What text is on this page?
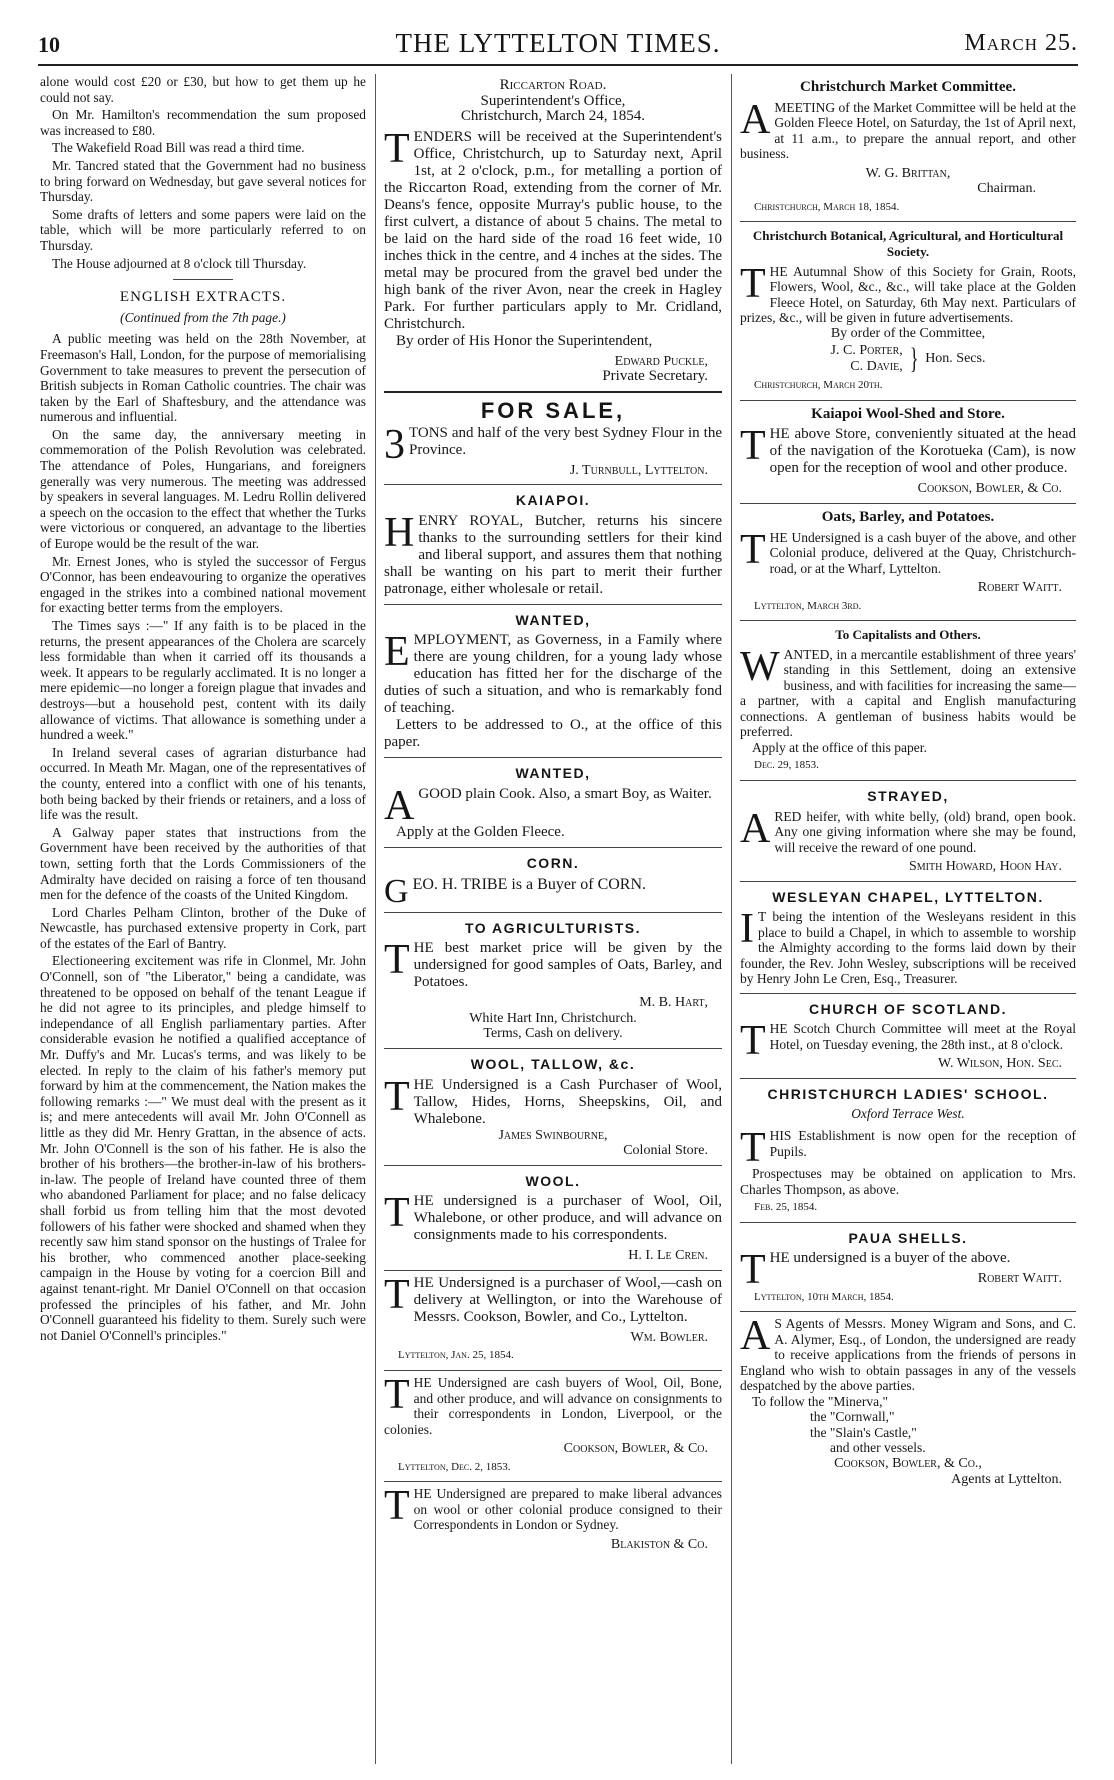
10	THE LYTTELTON TIMES.	March 25.

alone would cost £20 or £30, but how to get them up he could not say.

On Mr. Hamilton's recommendation the sum proposed was increased to £80.

The Wakefield Road Bill was read a third time.

Mr. Tancred stated that the Government had no business to bring forward on Wednesday, but gave several notices for Thursday.

Some drafts of letters and some papers were laid on the table, which will be more particularly referred to on Thursday.

The House adjourned at 8 o'clock till Thursday.

ENGLISH EXTRACTS.
(Continued from the 7th page.)

A public meeting was held on the 28th November, at Freemason's Hall, London, for the purpose of memorialising Government to take measures to prevent the persecution of British subjects in Roman Catholic countries. The chair was taken by the Earl of Shaftesbury, and the attendance was numerous and influential.

On the same day, the anniversary meeting in commemoration of the Polish Revolution was celebrated. The attendance of Poles, Hungarians, and foreigners generally was very numerous. The meeting was addressed by speakers in several languages. M. Ledru Rollin delivered a speech on the occasion to the effect that whether the Turks were victorious or conquered, an advantage to the liberties of Europe would be the result of the war.

Mr. Ernest Jones, who is styled the successor of Fergus O'Connor, has been endeavouring to organize the operatives engaged in the strikes into a combined national movement for exacting better terms from the employers.

The Times says :—" If any faith is to be placed in the returns, the present appearances of the Cholera are scarcely less formidable than when it carried off its thousands a week. It appears to be regularly acclimated. It is no longer a mere epidemic—no longer a foreign plague that invades and destroys—but a household pest, content with its daily allowance of victims. That allowance is something under a hundred a week."

In Ireland several cases of agrarian disturbance had occurred. In Meath Mr. Magan, one of the representatives of the county, entered into a conflict with one of his tenants, both being backed by their friends or retainers, and a loss of life was the result.

A Galway paper states that instructions from the Government have been received by the authorities of that town, setting forth that the Lords Commissioners of the Admiralty have decided on raising a force of ten thousand men for the defence of the coasts of the United Kingdom.

Lord Charles Pelham Clinton, brother of the Duke of Newcastle, has purchased extensive property in Cork, part of the estates of the Earl of Bantry.

Electioneering excitement was rife in Clonmel, Mr. John O'Connell, son of "the Liberator," being a candidate, was threatened to be opposed on behalf of the tenant League if he did not agree to its principles, and pledge himself to independance of all English parliamentary parties. After considerable evasion he notified a qualified acceptance of Mr. Duffy's and Mr. Lucas's terms, and was likely to be elected. In reply to the claim of his father's memory put forward by him at the commencement, the Nation makes the following remarks :—" We must deal with the present as it is; and mere antecedents will avail Mr. John O'Connell as little as they did Mr. Henry Grattan, in the absence of acts. Mr. John O'Connell is the son of his father. He is also the brother of his brothers—the brother-in-law of his brothers-in-law. The people of Ireland have counted three of them who abandoned Parliament for place; and no false delicacy shall forbid us from telling him that the most devoted followers of his father were shocked and shamed when they recently saw him stand sponsor on the hustings of Tralee for his brother, who commenced another place-seeking campaign in the House by voting for a coercion Bill and against tenant-right. Mr Daniel O'Connell on that occasion professed the principles of his father, and Mr. John O'Connell guaranteed his fidelity to them. Surely such were not Daniel O'Connell's principles."

Riccarton Road.
Superintendent's Office,
Christchurch, March 24, 1854.
TENDERS will be received at the Superintendent's Office, Christchurch, up to Saturday next, April 1st, at 2 o'clock, p.m., for metalling a portion of the Riccarton Road, extending from the corner of Mr. Deans's fence, opposite Murray's public house, to the first culvert, a distance of about 5 chains. The metal to be laid on the hard side of the road 16 feet wide, 10 inches thick in the centre, and 4 inches at the sides. The metal may be procured from the gravel bed under the high bank of the river Avon, near the creek in Hagley Park. For further particulars apply to Mr. Cridland, Christchurch.
By order of His Honor the Superintendent,
Edward Puckle,
Private Secretary.
FOR SALE,
3 TONS and half of the very best Sydney Flour in the Province.
J. Turnbull, Lyttelton.
KAIAPOI.
HENRY ROYAL, Butcher, returns his sincere thanks to the surrounding settlers for their kind and liberal support, and assures them that nothing shall be wanting on his part to merit their further patronage, either wholesale or retail.
WANTED,
EMPLOYMENT, as Governess, in a Family where there are young children, for a young lady whose education has fitted her for the discharge of the duties of such a situation, and who is remarkably fond of teaching.
Letters to be addressed to O., at the office of this paper.
WANTED,
AGOOD plain Cook. Also, a smart Boy, as Waiter.
Apply at the Golden Fleece.
CORN.
GEO. H. TRIBE is a Buyer of CORN.
TO AGRICULTURISTS.
THE best market price will be given by the undersigned for good samples of Oats, Barley, and Potatoes.
M. B. Hart,
White Hart Inn, Christchurch.
Terms, Cash on delivery.
WOOL, TALLOW, &c.
THE Undersigned is a Cash Purchaser of Wool, Tallow, Hides, Horns, Sheepskins, Oil, and Whalebone.
James Swinbourne,
Colonial Store.
WOOL.
THE undersigned is a purchaser of Wool, Oil, Whalebone, or other produce, and will advance on consignments made to his correspondents.
H. I. Le Cren.
THE Undersigned is a purchaser of Wool,—cash on delivery at Wellington, or into the Warehouse of Messrs. Cookson, Bowler, and Co., Lyttelton.
Wm. Bowler.
Lyttelton, Jan. 25, 1854.
THE Undersigned are cash buyers of Wool, Oil, Bone, and other produce, and will advance on consignments to their correspondents in London, Liverpool, or the colonies.
Cookson, Bowler, & Co.
Lyttelton, Dec. 2, 1853.
THE Undersigned are prepared to make liberal advances on wool or other colonial produce consigned to their Correspondents in London or Sydney.
Blakiston & Co.
Christchurch Market Committee.
AMEETING of the Market Committee will be held at the Golden Fleece Hotel, on Saturday, the 1st of April next, at 11 a.m., to prepare the annual report, and other business.
W. G. Brittan,
Chairman.
Christchurch, March 18, 1854.
Christchurch Botanical, Agricultural, and Horticultural Society.
THE Autumnal Show of this Society for Grain, Roots, Flowers, Wool, &c., &c., will take place at the Golden Fleece Hotel, on Saturday, 6th May next. Particulars of prizes, &c., will be given in future advertisements.
By order of the Committee,
J. C. Porter,
C. Davie, } Hon. Secs.
Christchurch, March 20th.
Kaiapoi Wool-Shed and Store.
THE above Store, conveniently situated at the head of the navigation of the Korotueka (Cam), is now open for the reception of wool and other produce.
Cookson, Bowler, & Co.
Oats, Barley, and Potatoes.
THE Undersigned is a cash buyer of the above, and other Colonial produce, delivered at the Quay, Christchurch-road, or at the Wharf, Lyttelton.
Robert Waitt.
Lyttelton, March 3rd.
To Capitalists and Others.
WANTED, in a mercantile establishment of three years' standing in this Settlement, doing an extensive business, and with facilities for increasing the same—a partner, with a capital and English manufacturing connections. A gentleman of business habits would be preferred.
Apply at the office of this paper.
Dec. 29, 1853.
STRAYED,
ARED heifer, with white belly, (old) brand, open book. Any one giving information where she may be found, will receive the reward of one pound.
Smith Howard, Hoon Hay.
WESLEYAN CHAPEL, LYTTELTON.
I T being the intention of the Wesleyans resident in this place to build a Chapel, in which to assemble to worship the Almighty according to the forms laid down by their founder, the Rev. John Wesley, subscriptions will be received by Henry John Le Cren, Esq., Treasurer.
CHURCH OF SCOTLAND.
THE Scotch Church Committee will meet at the Royal Hotel, on Tuesday evening, the 28th inst., at 8 o'clock.
W. Wilson, Hon. Sec.
CHRISTCHURCH LADIES' SCHOOL.
Oxford Terrace West.
THIS Establishment is now open for the reception of Pupils.
Prospectuses may be obtained on application to Mrs. Charles Thompson, as above.
Feb. 25, 1854.
PAUA SHELLS.
THE undersigned is a buyer of the above.
Robert Waitt.
Lyttelton, 10th March, 1854.
A S Agents of Messrs. Money Wigram and Sons, and C. A. Alymer, Esq., of London, the undersigned are ready to receive applications from the friends of persons in England who wish to obtain passages in any of the vessels despatched by the above parties.
To follow the "Minerva,"
the "Cornwall,"
the "Slain's Castle,"
and other vessels.
Cookson, Bowler, & Co.,
Agents at Lyttelton.
